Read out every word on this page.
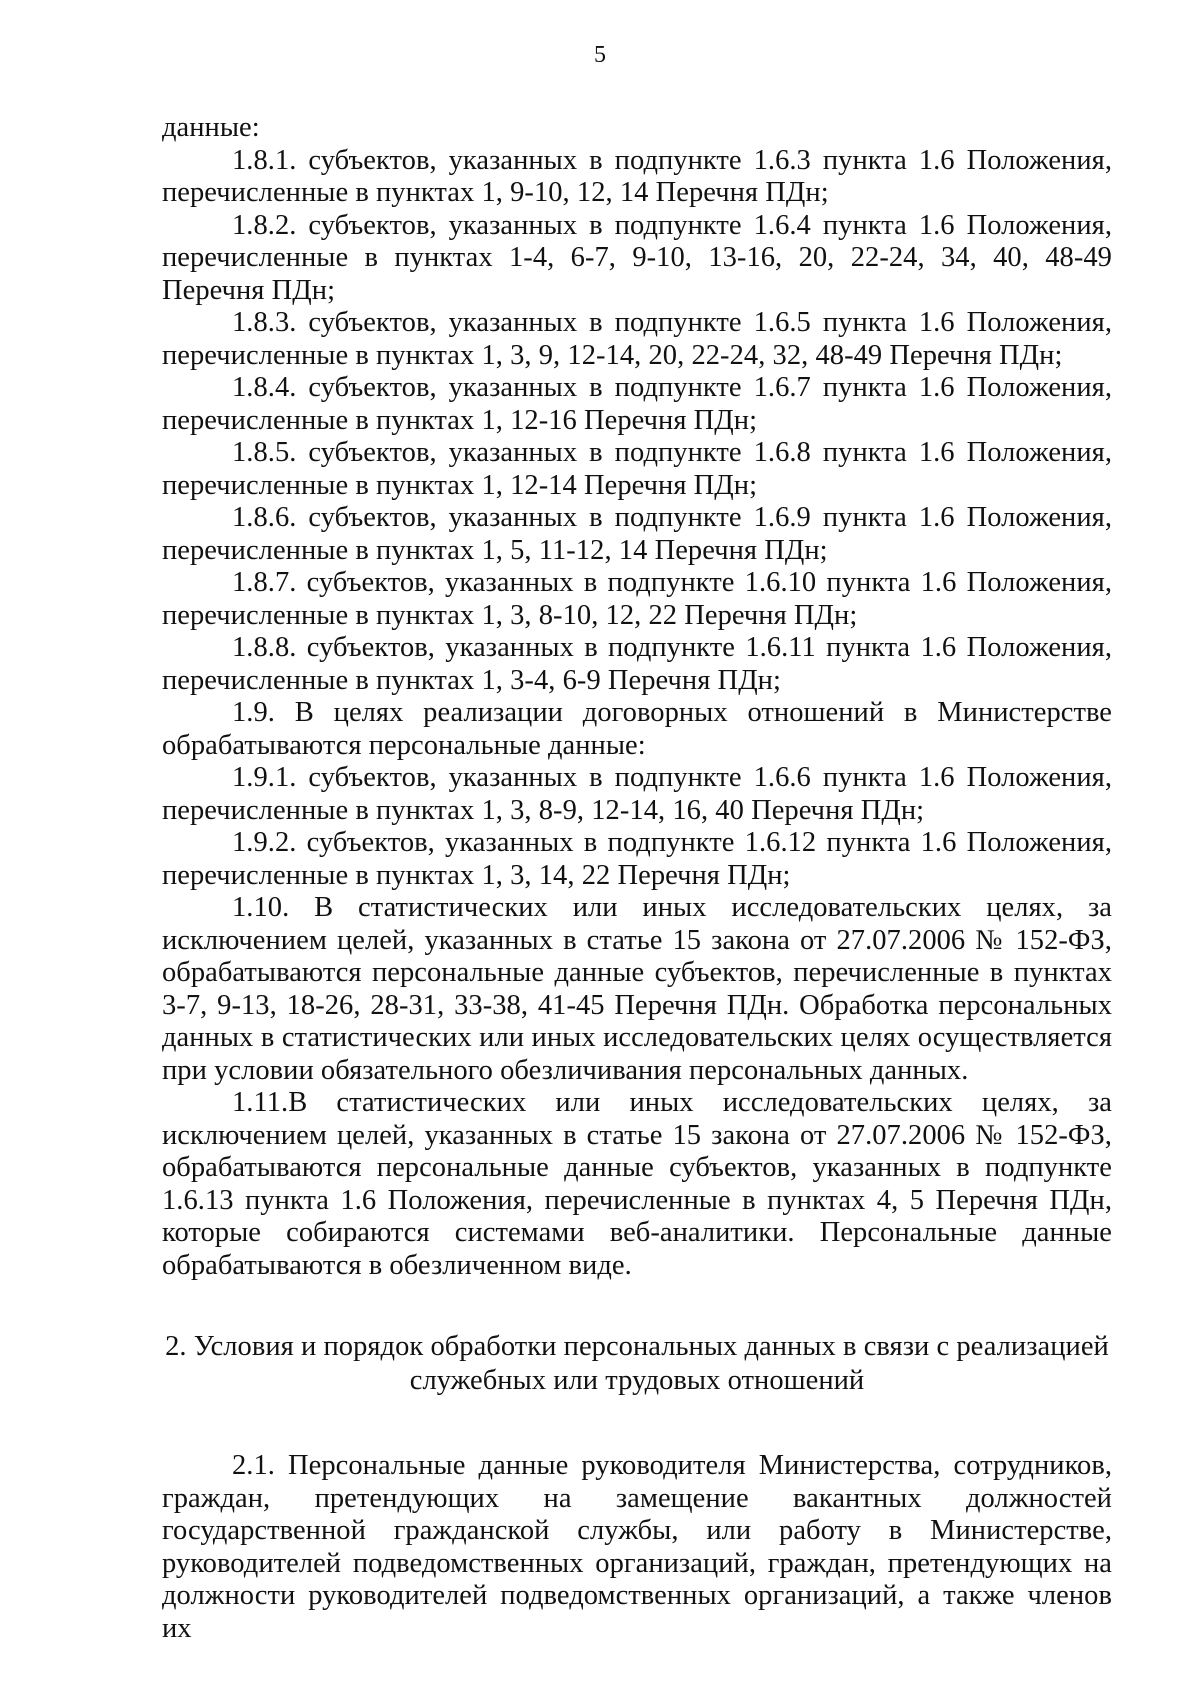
5

данные:

1.8.1. субъектов, указанных в подпункте 1.6.3 пункта 1.6 Положения, перечисленные в пунктах 1, 9-10, 12, 14 Перечня ПДн;

1.8.2. субъектов, указанных в подпункте 1.6.4 пункта 1.6 Положения, перечисленные в пунктах 1-4, 6-7, 9-10, 13-16, 20, 22-24, 34, 40, 48-49 Перечня ПДн;

1.8.3. субъектов, указанных в подпункте 1.6.5 пункта 1.6 Положения, перечисленные в пунктах 1, 3, 9, 12-14, 20, 22-24, 32, 48-49 Перечня ПДн;

1.8.4. субъектов, указанных в подпункте 1.6.7 пункта 1.6 Положения, перечисленные в пунктах 1, 12-16 Перечня ПДн;

1.8.5. субъектов, указанных в подпункте 1.6.8 пункта 1.6 Положения, перечисленные в пунктах 1, 12-14 Перечня ПДн;

1.8.6. субъектов, указанных в подпункте 1.6.9 пункта 1.6 Положения, перечисленные в пунктах 1, 5, 11-12, 14 Перечня ПДн;

1.8.7. субъектов, указанных в подпункте 1.6.10 пункта 1.6 Положения, перечисленные в пунктах 1, 3, 8-10, 12, 22 Перечня ПДн;

1.8.8. субъектов, указанных в подпункте 1.6.11 пункта 1.6 Положения, перечисленные в пунктах 1, 3-4, 6-9 Перечня ПДн;

1.9. В целях реализации договорных отношений в Министерстве обрабатываются персональные данные:

1.9.1. субъектов, указанных в подпункте 1.6.6 пункта 1.6 Положения, перечисленные в пунктах 1, 3, 8-9, 12-14, 16, 40 Перечня ПДн;

1.9.2. субъектов, указанных в подпункте 1.6.12 пункта 1.6 Положения, перечисленные в пунктах 1, 3, 14, 22 Перечня ПДн;

1.10. В статистических или иных исследовательских целях, за исключением целей, указанных в статье 15 закона от 27.07.2006 № 152-ФЗ, обрабатываются персональные данные субъектов, перечисленные в пунктах 3-7, 9-13, 18-26, 28-31, 33-38, 41-45 Перечня ПДн. Обработка персональных данных в статистических или иных исследовательских целях осуществляется при условии обязательного обезличивания персональных данных.

1.11.В статистических или иных исследовательских целях, за исключением целей, указанных в статье 15 закона от 27.07.2006 № 152-ФЗ, обрабатываются персональные данные субъектов, указанных в подпункте 1.6.13 пункта 1.6 Положения, перечисленные в пунктах 4, 5 Перечня ПДн, которые собираются системами веб-аналитики. Персональные данные обрабатываются в обезличенном виде.

2. Условия и порядок обработки персональных данных в связи с реализацией
служебных или трудовых отношений

2.1. Персональные данные руководителя Министерства, сотрудников, граждан, претендующих на замещение вакантных должностей государственной гражданской службы, или работу в Министерстве, руководителей подведомственных организаций, граждан, претендующих на должности руководителей подведомственных организаций, а также членов их
